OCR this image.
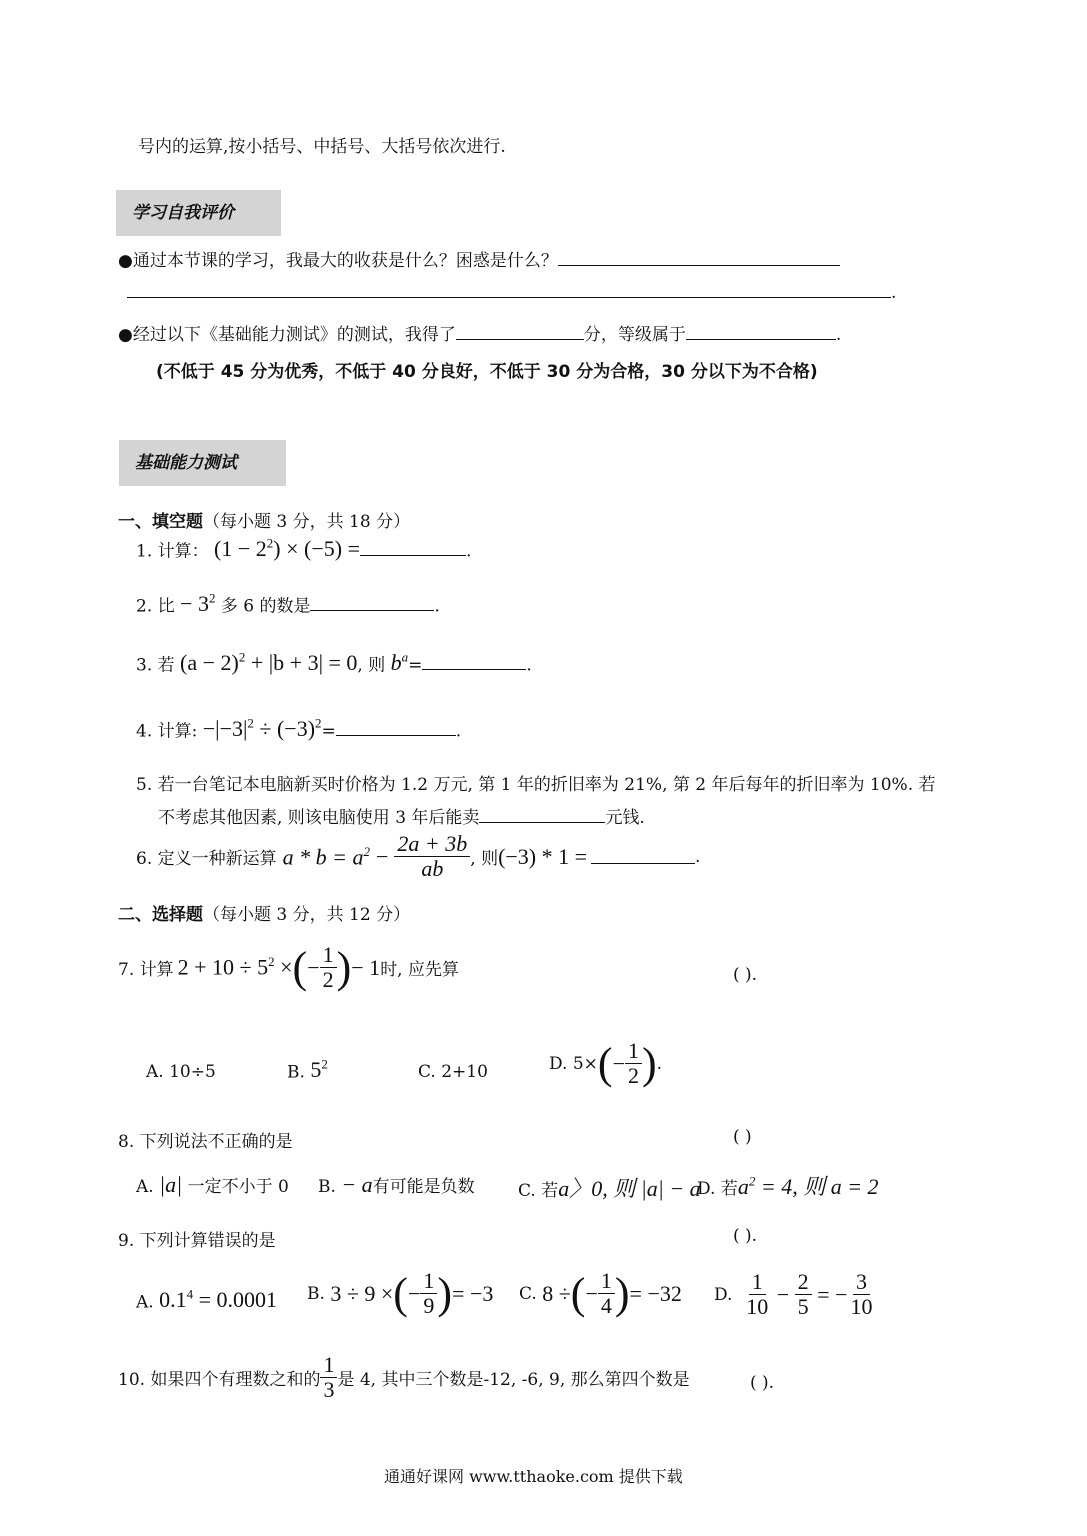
号内的运算,按小括号、中括号、大括号依次进行.
学习自我评价
●通过本节课的学习，我最大的收获是什么？困惑是什么？
.
●经过以下《基础能力测试》的测试，我得了	分，等级属于	.
(不低于 45 分为优秀，不低于 40 分良好，不低于 30 分为合格，30 分以下为不合格)
基础能力测试
一、填空题（每小题 3 分，共 18 分）
1. 计算： $(1 - 2^2) \times (-5)$ =	.
2. 比 − $3^2$ 多 6 的数是	.
3. 若 $(a - 2)^2 + |b + 3| = 0$, 则 $b^a=$	.
4. 计算: $-|-3|^2 \div (-3)^2=$	.
5. 若一台笔记本电脑新买时价格为 1.2 万元, 第 1 年的折旧率为 21%, 第 2 年后每年的折旧率为 10%. 若
不考虑其他因素, 则该电脑使用 3 年后能卖	元钱.
6. 定义一种新运算 $a * b = a^2 - \frac{2a + 3b}{ab}$ , 则 (−3) * 1 =	.
二、选择题（每小题 3 分，共 12 分）
7. 计算 $2 + 10 \div 5^2$ × ( − $\frac{1}{2}$ ) − 1 时, 应先算	( ).
A. 10÷5	B. $5^2$	C. 2+10	D. 5× ( − $\frac{1}{2}$ ) .
8. 下列说法不正确的是	( )
A. |a| 一定不小于 0 B. − a有可能是负数	C. 若a〉0, 则 |a| − a
D. 若$a^2 = 4$, 则 a = 2
9. 下列计算错误的是	( ).
A. $0.1^4 = 0.0001$ B.
3 ÷ 9 × ( − $\frac{1}{9}$ ) = −3 C.
8 ÷ ( − $\frac{1}{4}$ ) = −32 D.
$\frac{1}{10} - \frac{2}{5}$ = − $\frac{3}{10}$
10. 如果四个有理数之和的 $\frac{1}{3}$ 是 4, 其中三个数是-12, -6, 9, 那么第四个数是	( ).
通通好课网 www.tthaoke.com 提供下载
